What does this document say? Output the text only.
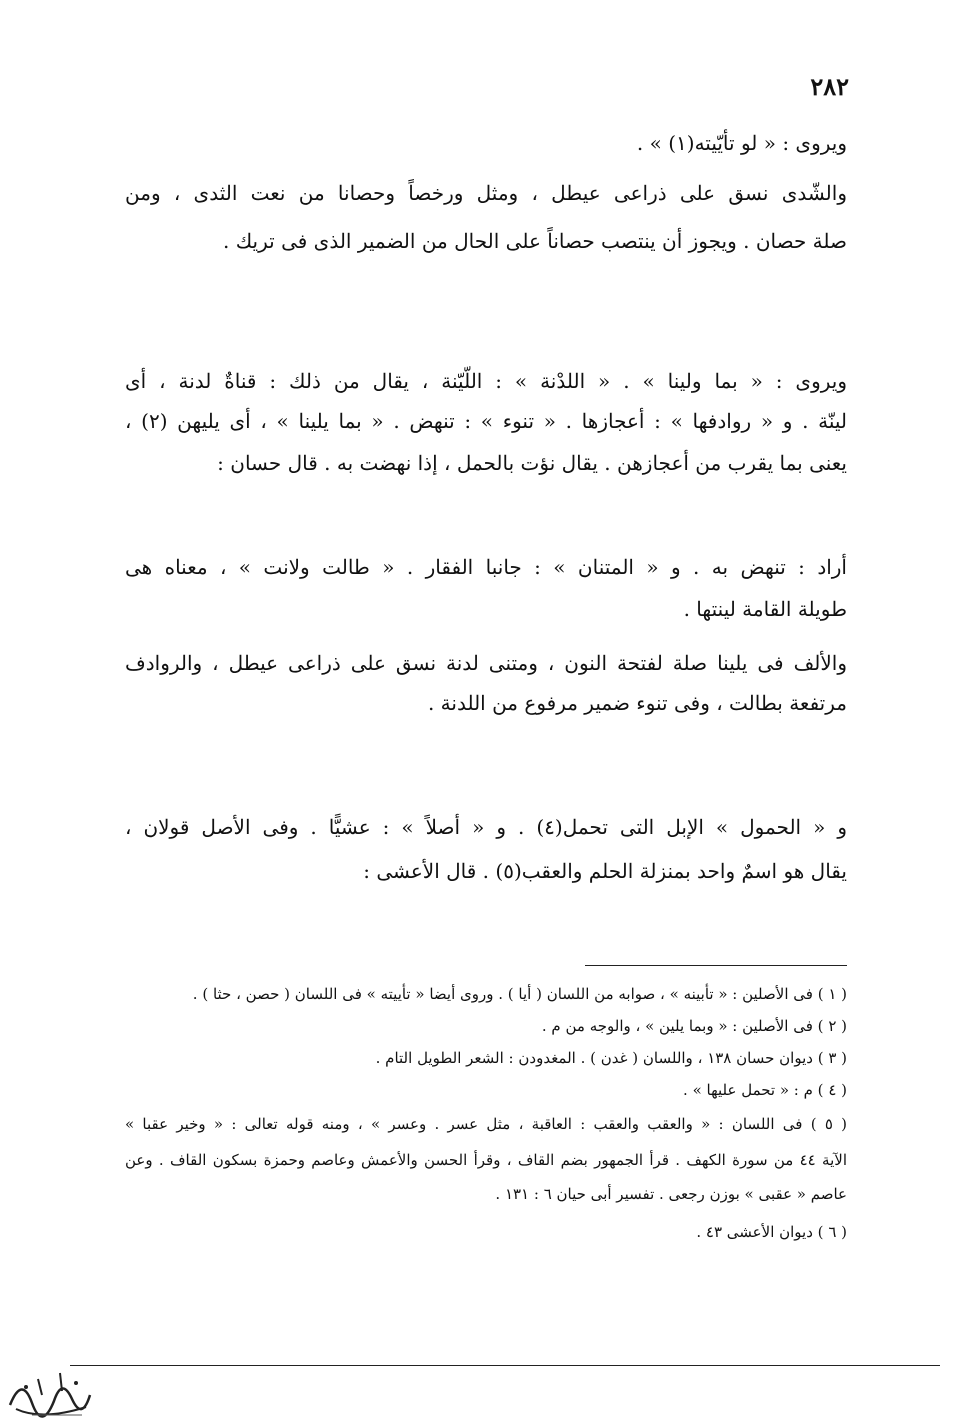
٢٨٢
ويروى : « لو تأيّيته(١) » .
والشّدى نسق على ذراعى عيطل ، ومثل ورخصاً وحصانا من نعت الثدى ، ومن
صلة حصان . ويجوز أن ينتصب حصاناً على الحال من الضمير الذى فى تريك .
ويروى : « بما ولينا » . « اللدْنة » : اللّيّنة ، يقال من ذلك : قناةٌ لدنة ، أى
لينّة . و « روادفها » : أعجازها . « تنوء » : تنهض . « بما يلينا » ، أى يليهن (٢) ،
يعنى بما يقرب من أعجازهن . يقال نؤت بالحمل ، إذا نهضت به . قال حسان :
أراد : تنهض به . و « المتنان » : جانبا الفقار . « طالت ولانت » ، معناه هى
طويلة القامة لينتها .
والألف فى يلينا صلة لفتحة النون ، ومتنى لدنة نسق على ذراعى عيطل ، والروادف
مرتفعة بطالت ، وفى تنوء ضمير مرفوع من اللدنة .
و « الحمول » الإبل التى تحمل(٤) . و « أصلاً » : عشيًّا . وفى الأصل قولان ،
يقال هو اسمٌ واحد بمنزلة الحلم والعقب(٥) . قال الأعشى :
( ١ ) فى الأصلين : « تأبينه » ، صوابه من اللسان ( أيا ) . وروى أيضا « تأييته » فى اللسان ( حصن ، حثا ) .
( ٢ ) فى الأصلين : « وبما يلين » ، والوجه من م .
( ٣ ) ديوان حسان ١٣٨ ، واللسان ( غدن ) . المغدودن : الشعر الطويل التام .
( ٤ ) م : « تحمل عليها » .
( ٥ ) فى اللسان : « والعقب والعقب : العاقبة ، مثل عسر . وعسر » ، ومنه قوله تعالى : « وخير عقبا »
الآية ٤٤ من سورة الكهف . قرأ الجمهور بضم القاف ، وقرأ الحسن والأعمش وعاصم وحمزة بسكون القاف . وعن
عاصم « عقبى » بوزن رجعى . تفسير أبى حيان ٦ : ١٣١ .
( ٦ ) ديوان الأعشى ٤٣ .
